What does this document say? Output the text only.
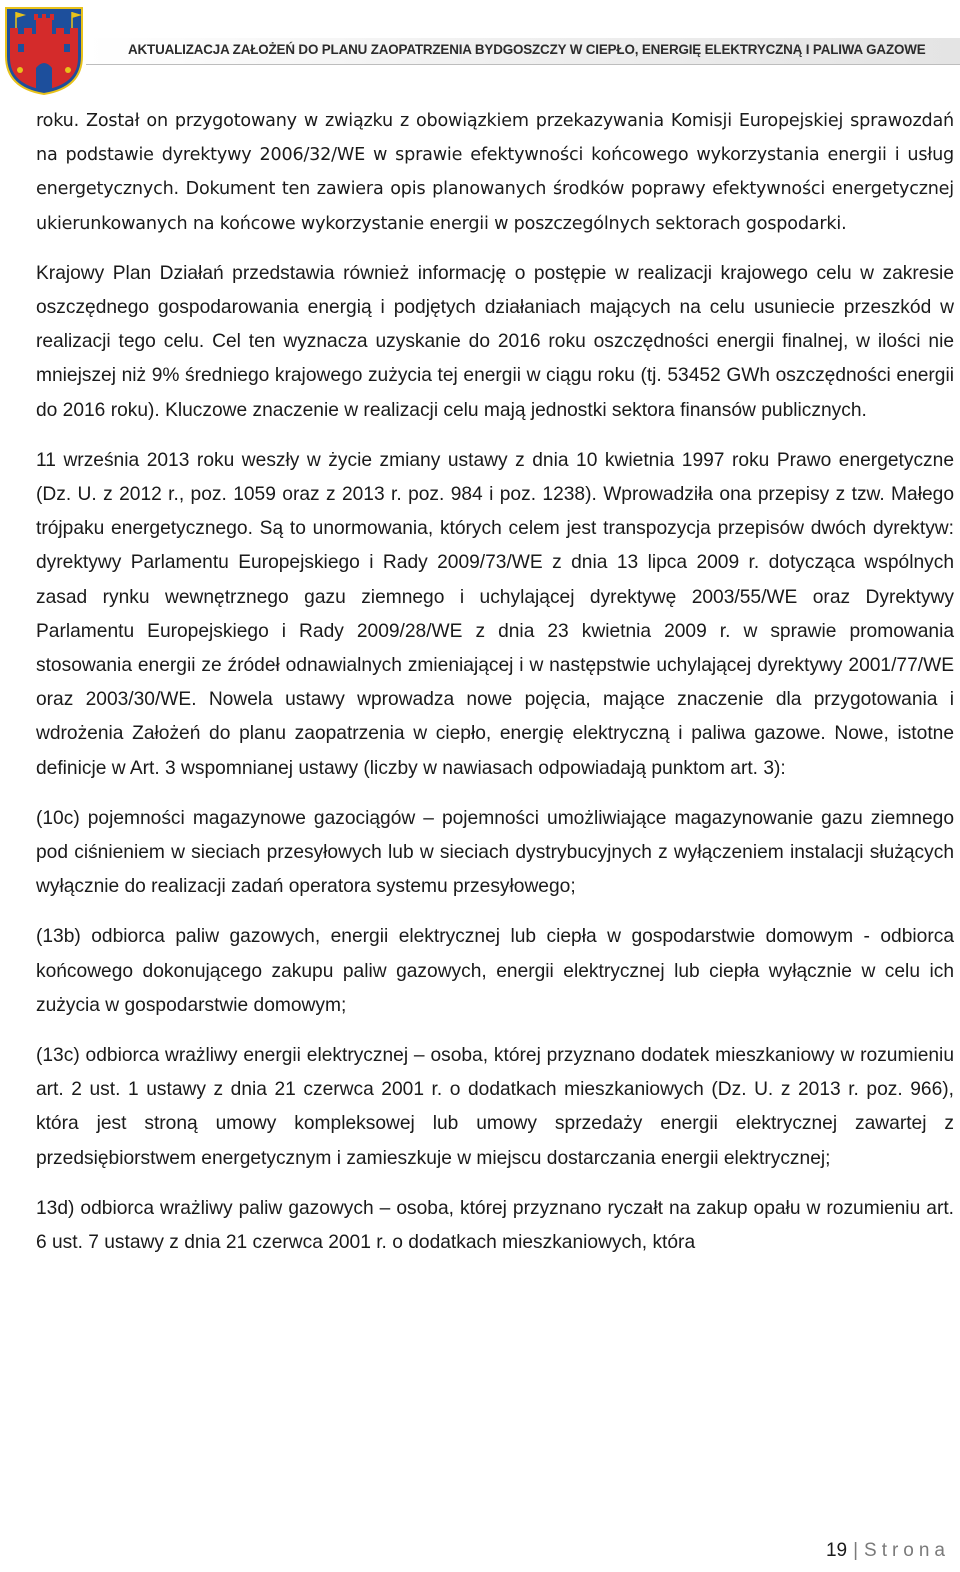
AKTUALIZACJA ZAŁOŻEŃ DO PLANU ZAOPATRZENIA BYDGOSZCZY W CIEPŁO, ENERGIĘ ELEKTRYCZNĄ I PALIWA GAZOWE

roku. Został on przygotowany w związku z obowiązkiem przekazywania Komisji Europejskiej sprawozdań na podstawie dyrektywy 2006/32/WE w sprawie efektywności końcowego wykorzystania energii i usług energetycznych. Dokument ten zawiera opis planowanych środków poprawy efektywności energetycznej ukierunkowanych na końcowe wykorzystanie energii w poszczególnych sektorach gospodarki.

Krajowy Plan Działań przedstawia również informację o postępie w realizacji krajowego celu w zakresie oszczędnego gospodarowania energią i podjętych działaniach mających na celu usuniecie przeszkód w realizacji tego celu. Cel ten wyznacza uzyskanie do 2016 roku oszczędności energii finalnej, w ilości nie mniejszej niż 9% średniego krajowego zużycia tej energii w ciągu roku (tj. 53452 GWh oszczędności energii do 2016 roku). Kluczowe znaczenie w realizacji celu mają jednostki sektora finansów publicznych.

11 września 2013 roku weszły w życie zmiany ustawy z dnia 10 kwietnia 1997 roku Prawo energetyczne (Dz. U. z 2012 r., poz. 1059 oraz z 2013 r. poz. 984 i poz. 1238). Wprowadziła ona przepisy z tzw. Małego trójpaku energetycznego. Są to unormowania, których celem jest transpozycja przepisów dwóch dyrektyw: dyrektywy Parlamentu Europejskiego i Rady 2009/73/WE z dnia 13 lipca 2009 r. dotycząca wspólnych zasad rynku wewnętrznego gazu ziemnego i uchylającej dyrektywę 2003/55/WE oraz Dyrektywy Parlamentu Europejskiego i Rady 2009/28/WE z dnia 23 kwietnia 2009 r. w sprawie promowania stosowania energii ze źródeł odnawialnych zmieniającej i w następstwie uchylającej dyrektywy 2001/77/WE oraz 2003/30/WE. Nowela ustawy wprowadza nowe pojęcia, mające znaczenie dla przygotowania i wdrożenia Założeń do planu zaopatrzenia w ciepło, energię elektryczną i paliwa gazowe. Nowe, istotne definicje w Art. 3 wspomnianej ustawy (liczby w nawiasach odpowiadają punktom art. 3):

(10c) pojemności magazynowe gazociągów – pojemności umożliwiające magazynowanie gazu ziemnego pod ciśnieniem w sieciach przesyłowych lub w sieciach dystrybucyjnych z wyłączeniem instalacji służących wyłącznie do realizacji zadań operatora systemu przesyłowego;

(13b) odbiorca paliw gazowych, energii elektrycznej lub ciepła w gospodarstwie domowym - odbiorca końcowego dokonującego zakupu paliw gazowych, energii elektrycznej lub ciepła wyłącznie w celu ich zużycia w gospodarstwie domowym;

(13c) odbiorca wrażliwy energii elektrycznej – osoba, której przyznano dodatek mieszkaniowy w rozumieniu art. 2 ust. 1 ustawy z dnia 21 czerwca 2001 r. o dodatkach mieszkaniowych (Dz. U. z 2013 r. poz. 966), która jest stroną umowy kompleksowej lub umowy sprzedaży energii elektrycznej zawartej z przedsiębiorstwem energetycznym i zamieszkuje w miejscu dostarczania energii elektrycznej;

13d) odbiorca wrażliwy paliw gazowych – osoba, której przyznano ryczałt na zakup opału w rozumieniu art. 6 ust. 7 ustawy z dnia 21 czerwca 2001 r. o dodatkach mieszkaniowych, która

19 | Strona
